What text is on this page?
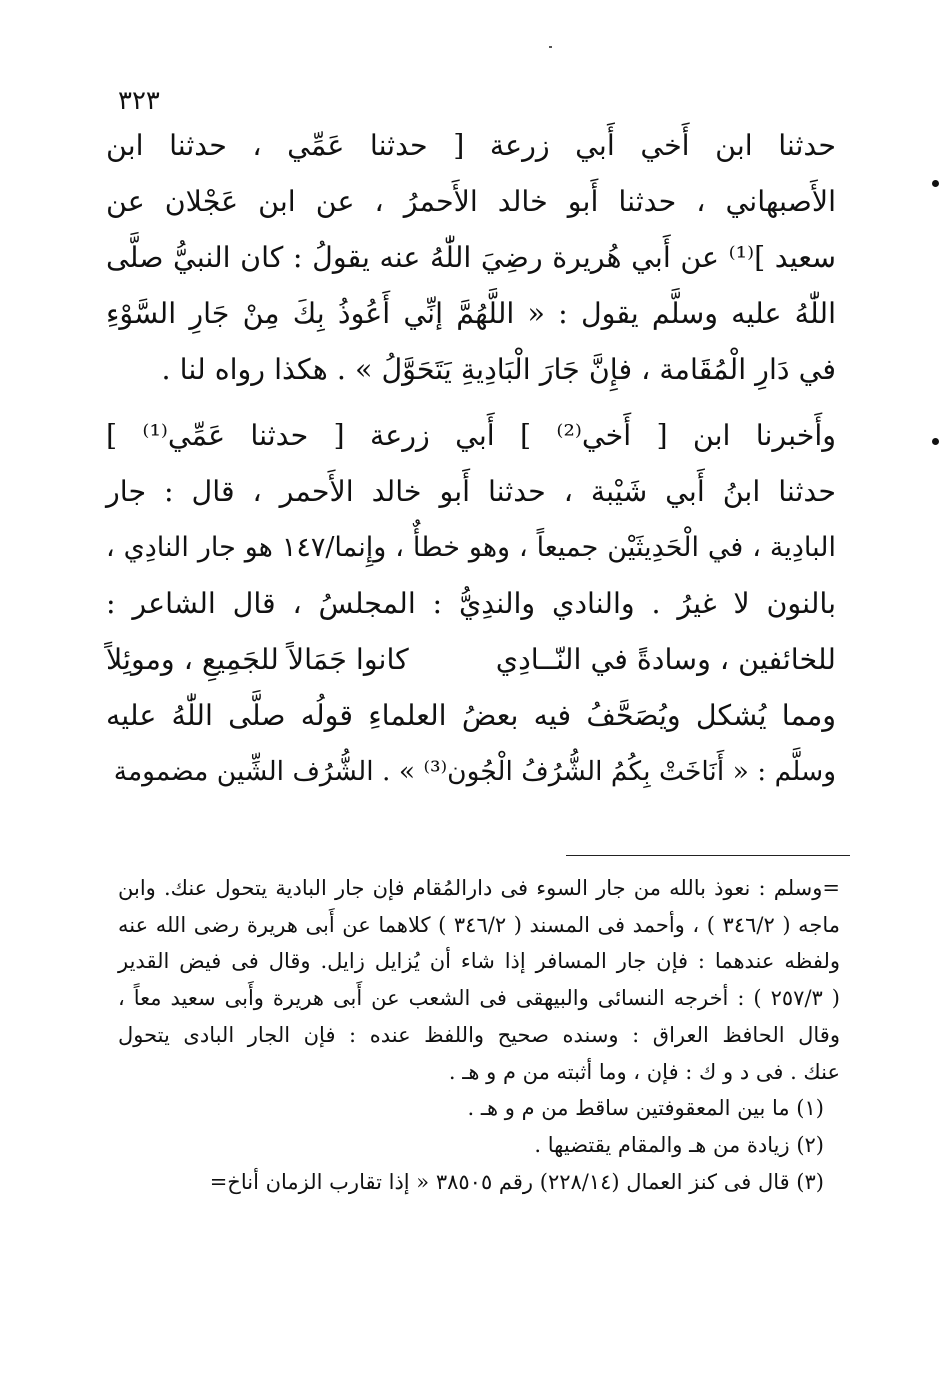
٣٢٣
حدثنا ابن أَخي أَبي زرعة [ حدثنا عَمِّي ، حدثنا ابن
الأَصبهاني ، حدثنا أَبو خالد الأَحمرُ ، عن ابن عَجْلان عن
سعيد ]⁽¹⁾ عن أَبي هُريرة رضِيَ اللّٰهُ عنه يقولُ : كان النبيُّ صلَّى
اللّٰهُ عليه وسلَّم يقول : « اللَّهُمَّ إنِّي أَعُوذُ بِكَ مِنْ جَارِ السَّوْءِ
في دَارِ الْمُقَامة ، فإِنَّ جَارَ الْبَادِيةِ يَتَحَوَّلُ » . هكذا رواه لنا .
وأَخبرنا ابن [ أَخي⁽²⁾ ] أَبي زرعة [ حدثنا عَمِّي⁽¹⁾ ]
حدثنا ابنُ أَبي شَيْبة ، حدثنا أَبو خالد الأَحمر ، قال : جار
البادِية ، في الْحَدِيثَيْن جميعاً ، وهو خطأٌ ، وإِنما/١٤٧ هو جار النادِي ،
بالنون لا غيرُ . والنادي والندِيُّ : المجلسُ ، قال الشاعر :
كانوا جَمَالاً للجَمِيعِ ، وموئِلاً	للخائفين ، وسادةً في النّــادِي
ومما يُشكل ويُصَحَّفُ فيه بعضُ العلماءِ قولُه صلَّى اللّٰهُ عليه
وسلَّم : « أَنَاخَتْ بِكُمُ الشُّرُفُ الْجُون⁽³⁾ » . الشُّرُف الشِّين مضمومة
=وسلم : نعوذ بالله من جار السوء فى دارالمُقام فإن جار البادية يتحول عنك. وابن
ماجه ( ٣٤٦/٢ ) ، وأحمد فى المسند ( ٣٤٦/٢ ) كلاهما عن أَبى هريرة رضى الله عنه
ولفظه عندهما : فإن جار المسافر إذا شاء أن يُزايل زايل. وقال فى فيض القدير
( ٢٥٧/٣ ) : أخرجه النسائى والبيهقى فى الشعب عن أَبى هريرة وأَبى سعيد معاً ،
وقال الحافظ العراق : وسنده صحيح واللفظ عنده : فإن الجار البادى يتحول
عنك . فى د و ك : فإن ، وما أثبته من م و هـ .
(١) ما بين المعقوفتين ساقط من م و هـ .
(٢) زيادة من هـ والمقام يقتضيها .
(٣) قال فى كنز العمال (٢٢٨/١٤) رقم ٣٨٥٠٥ « إذا تقارب الزمان أناخ=
